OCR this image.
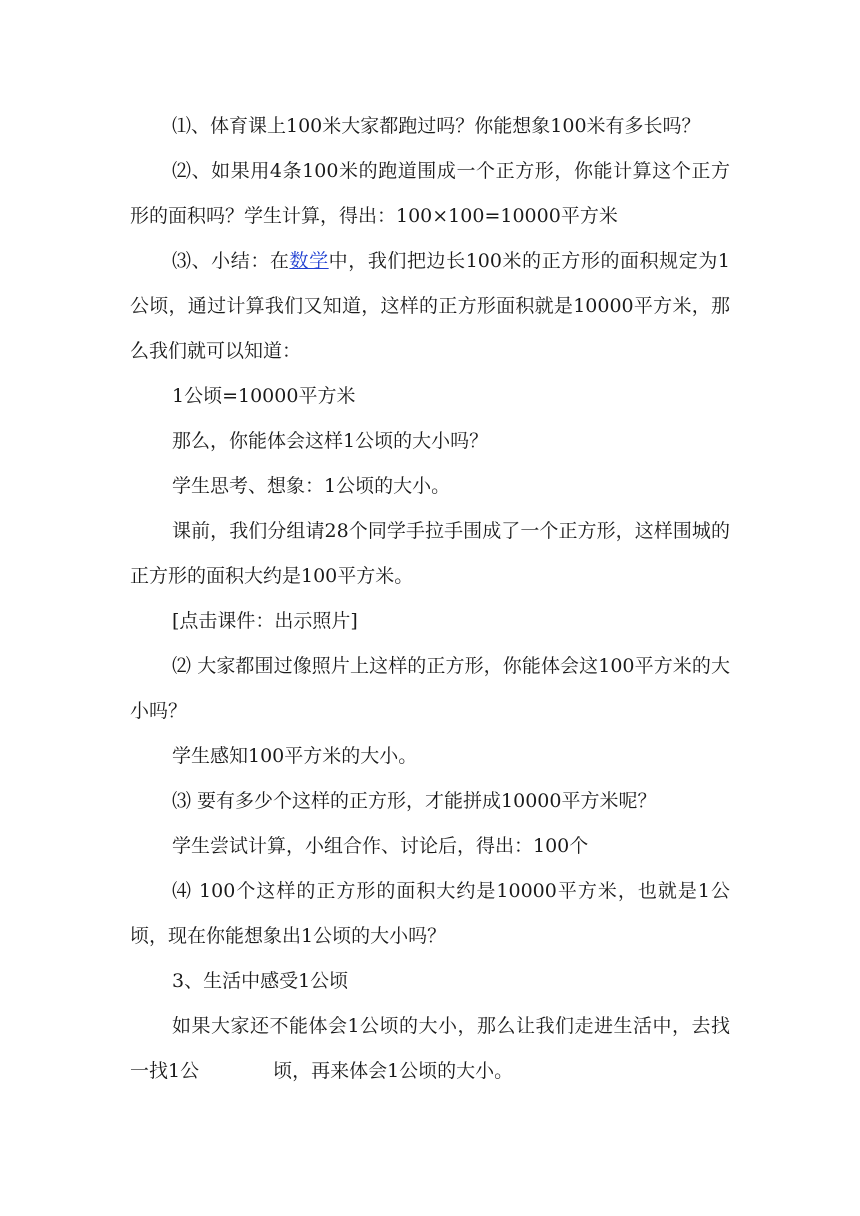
⑴、体育课上100米大家都跑过吗？你能想象100米有多长吗？

⑵、如果用4条100米的跑道围成一个正方形，你能计算这个正方形的面积吗？学生计算，得出：100×100=10000平方米

⑶、小结：在数学中，我们把边长100米的正方形的面积规定为1公顷，通过计算我们又知道，这样的正方形面积就是10000平方米，那么我们就可以知道：

1公顷=10000平方米

那么，你能体会这样1公顷的大小吗？

学生思考、想象：1公顷的大小。

课前，我们分组请28个同学手拉手围成了一个正方形，这样围城的正方形的面积大约是100平方米。

[点击课件：出示照片]

⑵ 大家都围过像照片上这样的正方形，你能体会这100平方米的大小吗？

学生感知100平方米的大小。

⑶ 要有多少个这样的正方形，才能拼成10000平方米呢？

学生尝试计算，小组合作、讨论后，得出：100个

⑷ 100个这样的正方形的面积大约是10000平方米，也就是1公顷，现在你能想象出1公顷的大小吗？

3、生活中感受1公顷

如果大家还不能体会1公顷的大小，那么让我们走进生活中，去找一找1公	顷，再来体会1公顷的大小。
